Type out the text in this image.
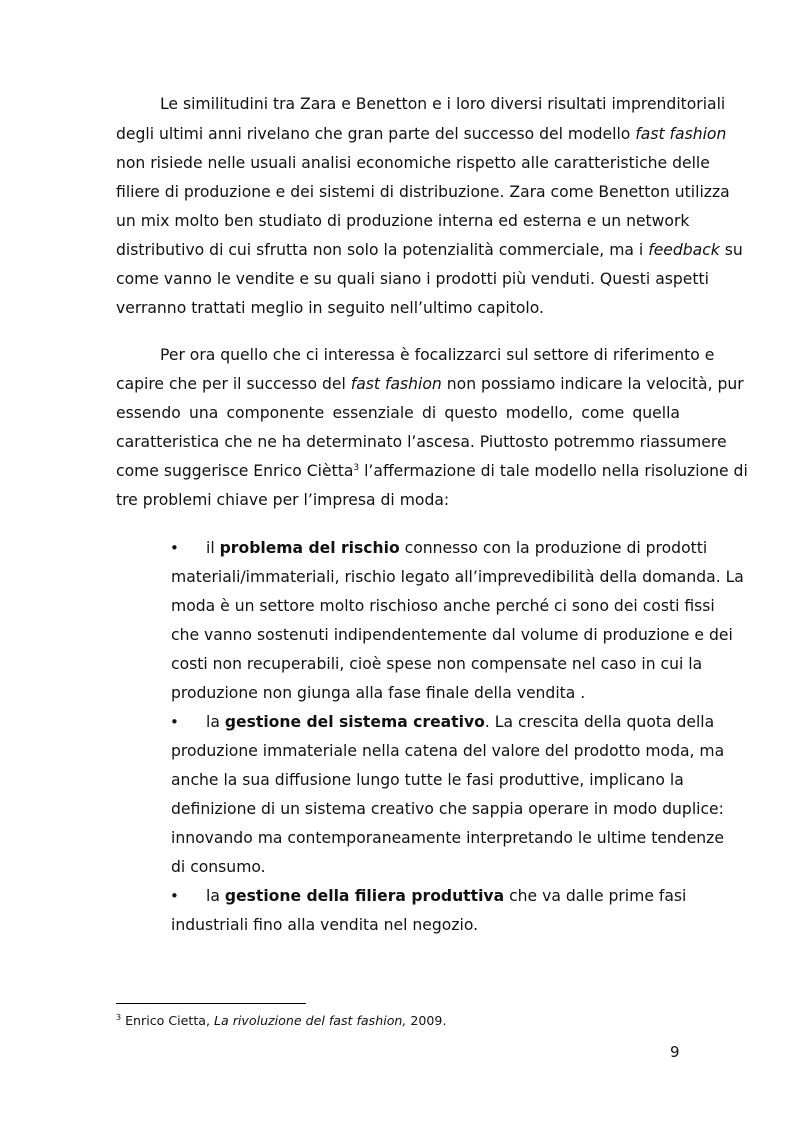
Le similitudini tra Zara e Benetton e i loro diversi risultati imprenditoriali
degli ultimi anni rivelano che gran parte del successo del modello fast fashion
non risiede nelle usuali analisi economiche rispetto alle caratteristiche delle
filiere di produzione e dei sistemi di distribuzione. Zara come Benetton utilizza
un mix molto ben studiato di produzione interna ed esterna e un network
distributivo di cui sfrutta non solo la potenzialità commerciale, ma i feedback su
come vanno le vendite e su quali siano i prodotti più venduti. Questi aspetti
verranno trattati meglio in seguito nell’ultimo capitolo.
Per ora quello che ci interessa è focalizzarci sul settore di riferimento e
capire che per il successo del fast fashion non possiamo indicare la velocità, pur
essendo una componente essenziale di questo modello, come quella
caratteristica che ne ha determinato l’ascesa. Piuttosto potremmo riassumere
come suggerisce Enrico Ciètta$^3$ l’affermazione di tale modello nella risoluzione di
tre problemi chiave per l’impresa di moda:
• il problema del rischio connesso con la produzione di prodotti
materiali/immateriali, rischio legato all’imprevedibilità della domanda. La
moda è un settore molto rischioso anche perché ci sono dei costi fissi
che vanno sostenuti indipendentemente dal volume di produzione e dei
costi non recuperabili, cioè spese non compensate nel caso in cui la
produzione non giunga alla fase finale della vendita .
• la gestione del sistema creativo. La crescita della quota della
produzione immateriale nella catena del valore del prodotto moda, ma
anche la sua diffusione lungo tutte le fasi produttive, implicano la
definizione di un sistema creativo che sappia operare in modo duplice:
innovando ma contemporaneamente interpretando le ultime tendenze
di consumo.
• la gestione della filiera produttiva che va dalle prime fasi
industriali fino alla vendita nel negozio.
$^3$ Enrico Cietta, La rivoluzione del fast fashion, 2009.
9
